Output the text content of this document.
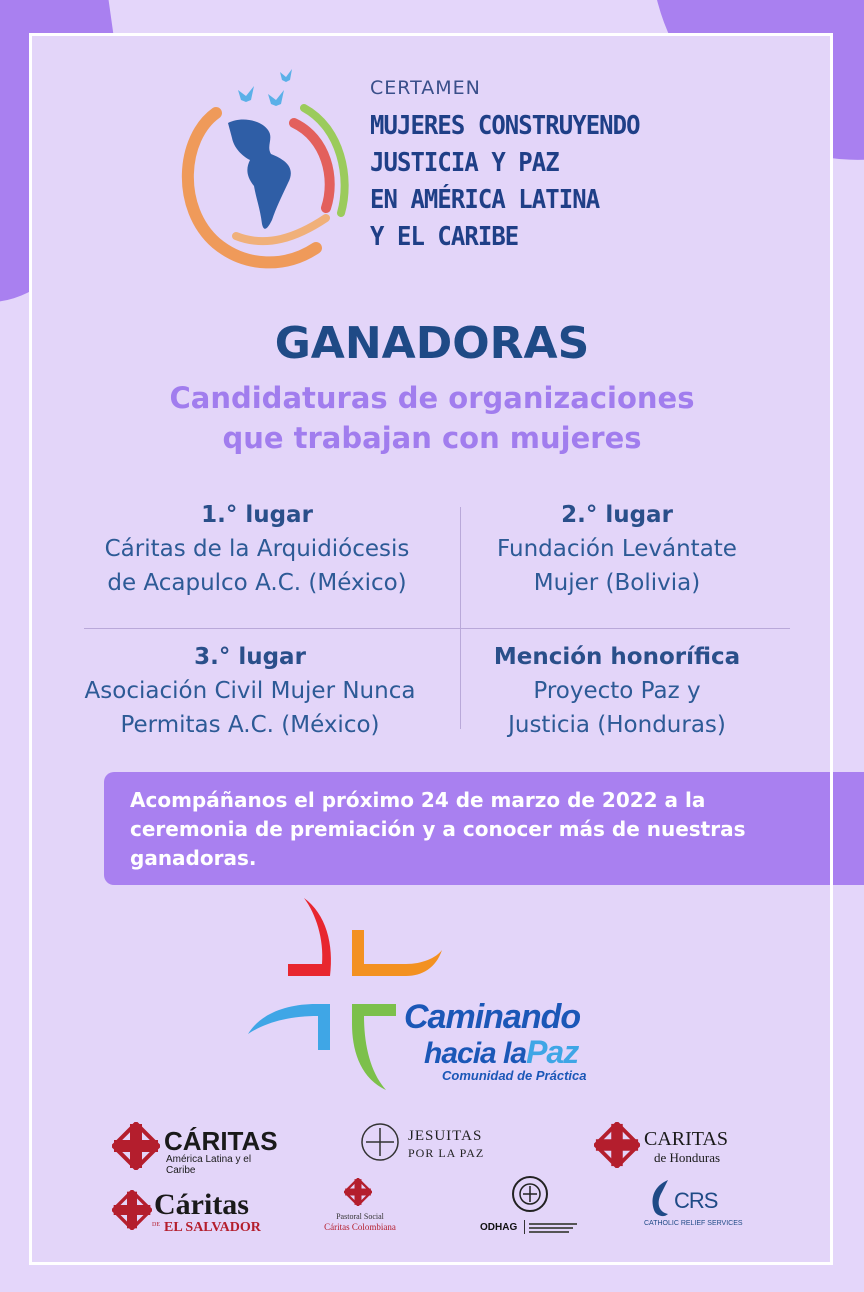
CERTAMEN
MUJERES CONSTRUYENDO
JUSTICIA Y PAZ
EN AMÉRICA LATINA
Y EL CARIBE
GANADORAS
Candidaturas de organizaciones
que trabajan con mujeres
1.° lugar
Cáritas de la Arquidiócesis
de Acapulco A.C. (México)
2.° lugar
Fundación Levántate
Mujer (Bolivia)
3.° lugar
Asociación Civil Mujer Nunca
Permitas A.C. (México)
Mención honorífica
Proyecto Paz y
Justicia (Honduras)
Acompáñanos el próximo 24 de marzo de 2022 a la
ceremonia de premiación y a conocer más de nuestras
ganadoras.
Caminando
hacia laPaz
Comunidad de Práctica
CÁRITAS
América Latina y el Caribe
JESUITAS
POR LA PAZ
CARITAS
de Honduras
Cáritas
DE EL SALVADOR
Pastoral Social
Cáritas Colombiana	ODHAG
CRS
CATHOLIC RELIEF SERVICES
